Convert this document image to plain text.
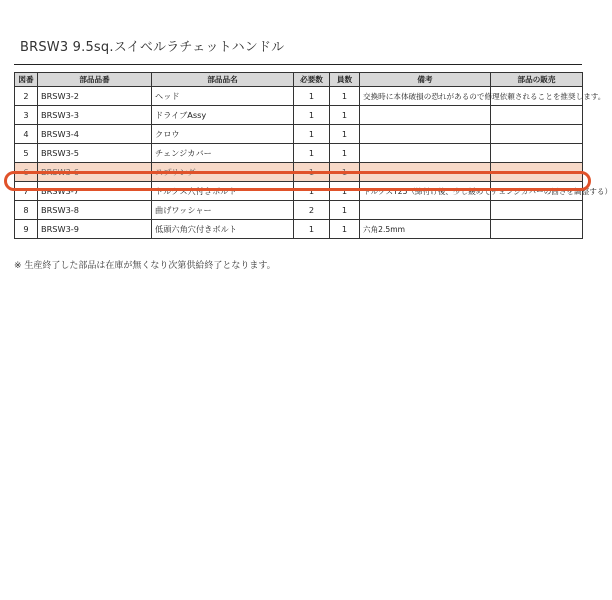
BRSW3 9.5sq.スイベルラチェットハンドル
図番	部品品番	部品品名	必要数	員数	備考	部品の販売
2	BRSW3-2	ヘッド	1	1	交換時に本体破損の恐れがあるので修理依頼されることを推奨します。	
3	BRSW3-3	ドライブAssy	1	1		
4	BRSW3-4	クロウ	1	1		
5	BRSW3-5	チェンジカバー	1	1		
6	BRSW3-6	スプリング	1	1		
7	BRSW3-7	トルクス穴付きボルト	1	1	トルクスT25（締付け後、少し緩めてチェンジカバーの固さを調整する）	
8	BRSW3-8	曲げワッシャー	2	1		
9	BRSW3-9	低頭六角穴付きボルト	1	1	六角2.5mm	
※ 生産終了した部品は在庫が無くなり次第供給終了となります。
